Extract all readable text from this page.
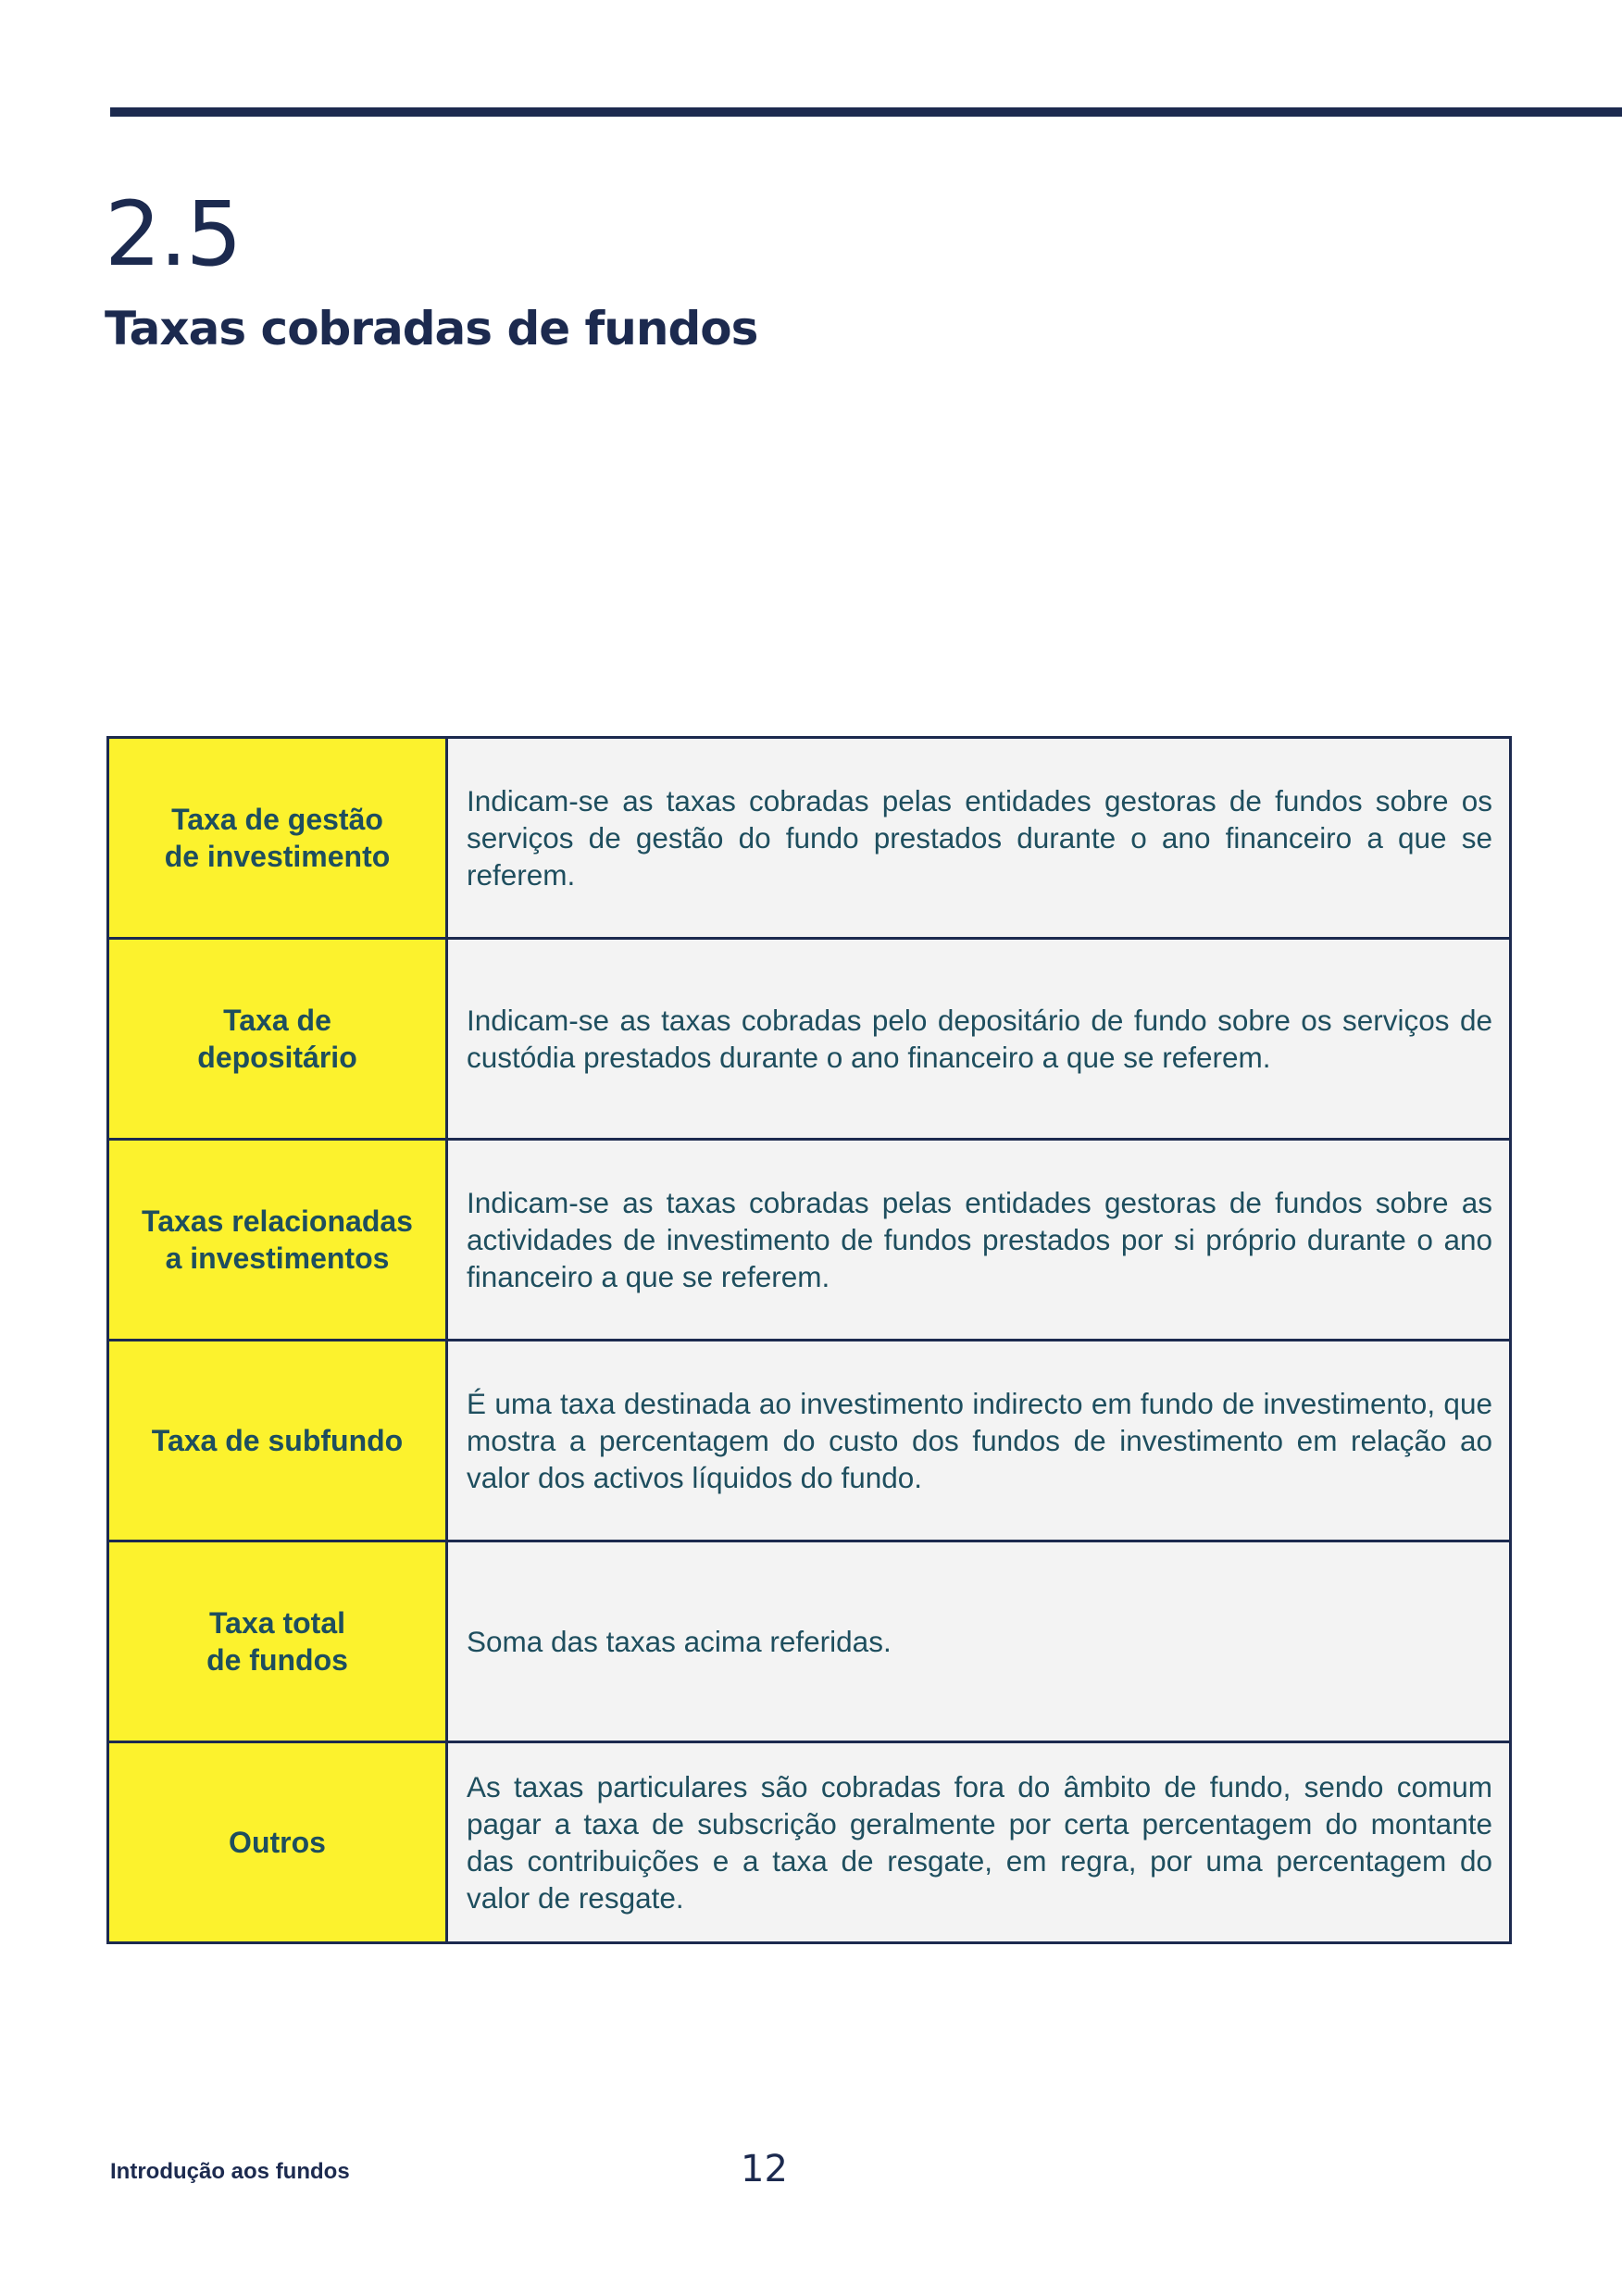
2.5
Taxas cobradas de fundos
Taxa de gestão
de investimento	Indicam-se as taxas cobradas pelas entidades gestoras de fundos sobre os serviços de gestão do fundo prestados durante o ano financeiro a que se referem.

Taxa de
depositário	Indicam-se as taxas cobradas pelo depositário de fundo sobre os serviços de custódia prestados durante o ano financeiro a que se referem.

Taxas relacionadas
a investimentos	Indicam-se as taxas cobradas pelas entidades gestoras de fundos sobre as actividades de investimento de fundos prestados por si próprio durante o ano financeiro a que se referem.

Taxa de subfundo	É uma taxa destinada ao investimento indirecto em fundo de investimento, que mostra a percentagem do custo dos fundos de investimento em relação ao valor dos activos líquidos do fundo.

Taxa total
de fundos	Soma das taxas acima referidas.

Outros	As taxas particulares são cobradas fora do âmbito de fundo, sendo comum pagar a taxa de subscrição geralmente por certa percentagem do montante das contribuições e a taxa de resgate, em regra, por uma percentagem do valor de resgate.
Introdução aos fundos	12
